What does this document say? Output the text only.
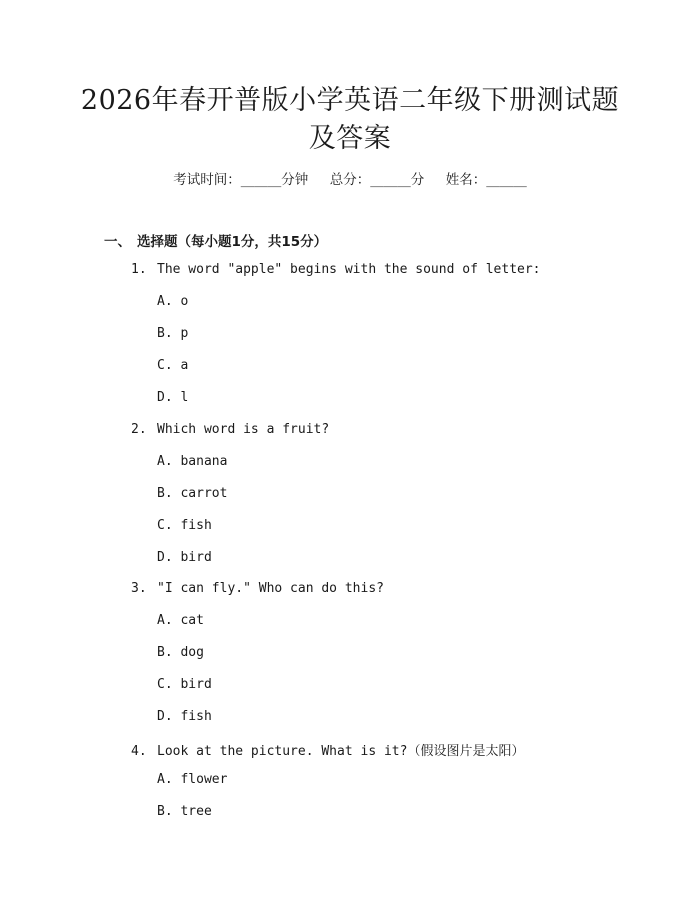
2026年春开普版小学英语二年级下册测试题
及答案
考试时间：______分钟     总分：______分     姓名：______
一、 选择题（每小题1分，共15分）
1. The word "apple" begins with the sound of letter:
A. o
B. p
C. a
D. l
2. Which word is a fruit?
A. banana
B. carrot
C. fish
D. bird
3. "I can fly." Who can do this?
A. cat
B. dog
C. bird
D. fish
4. Look at the picture. What is it?（假设图片是太阳）
A. flower
B. tree
